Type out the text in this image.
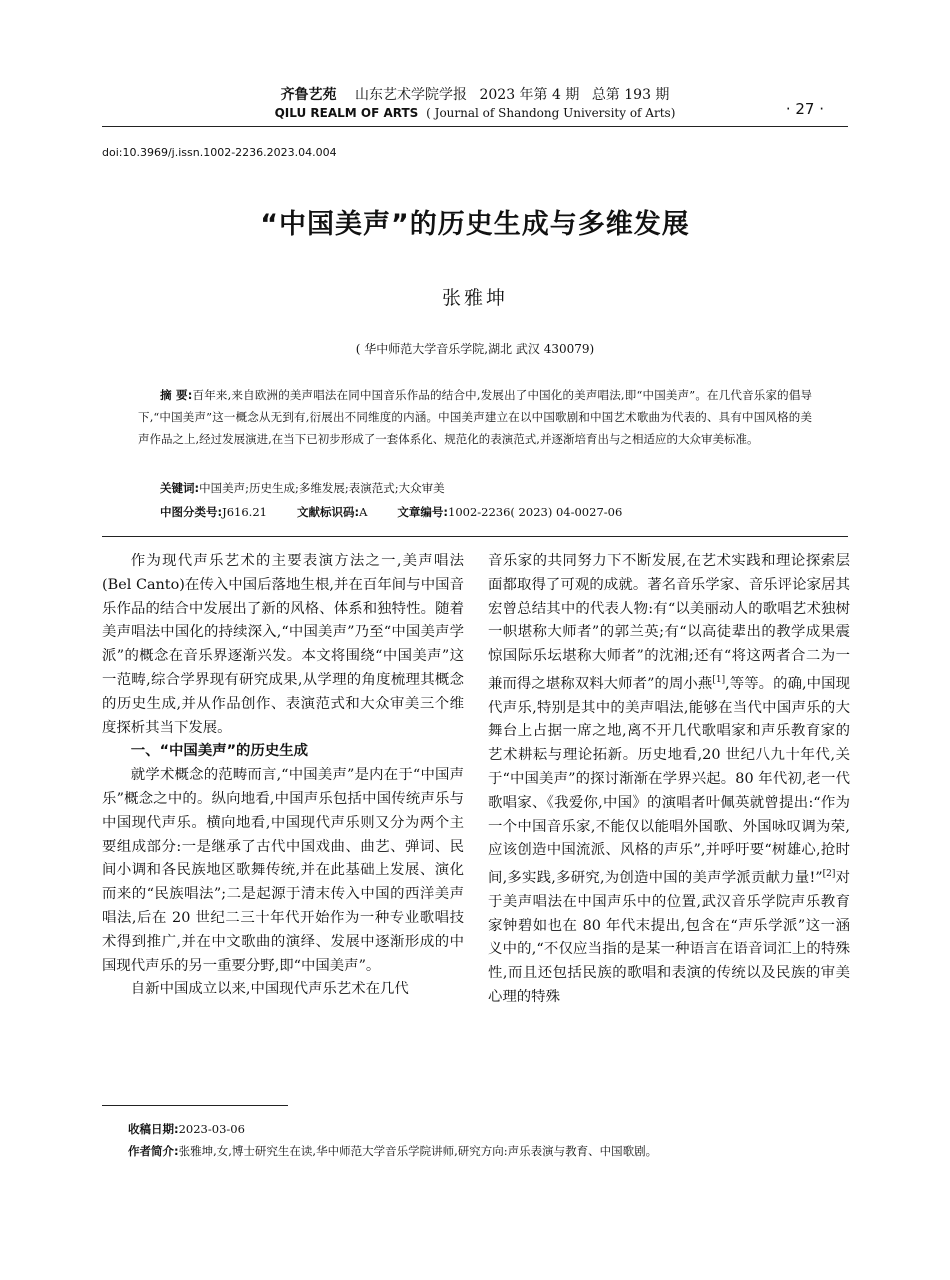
齐鲁艺苑 山东艺术学院学报 2023 年第 4 期 总第 193 期
QILU REALM OF ARTS ( Journal of Shandong University of Arts)	· 27 ·
doi:10.3969/j.issn.1002-2236.2023.04.004
“中国美声”的历史生成与多维发展
张雅坤
( 华中师范大学音乐学院,湖北 武汉 430079)
摘 要:百年来,来自欧洲的美声唱法在同中国音乐作品的结合中,发展出了中国化的美声唱法,即“中国美声”。在几代音乐家的倡导下,“中国美声”这一概念从无到有,衍展出不同维度的内涵。中国美声建立在以中国歌剧和中国艺术歌曲为代表的、具有中国风格的美声作品之上,经过发展演进,在当下已初步形成了一套体系化、规范化的表演范式,并逐渐培育出与之相适应的大众审美标准。
关键词:中国美声;历史生成;多维发展;表演范式;大众审美
中图分类号:J616.21	文献标识码:A	文章编号:1002-2236( 2023) 04-0027-06

作为现代声乐艺术的主要表演方法之一,美声唱法(Bel Canto)在传入中国后落地生根,并在百年间与中国音乐作品的结合中发展出了新的风格、体系和独特性。随着美声唱法中国化的持续深入,“中国美声”乃至“中国美声学派”的概念在音乐界逐渐兴发。本文将围绕“中国美声”这一范畴,综合学界现有研究成果,从学理的角度梳理其概念的历史生成,并从作品创作、表演范式和大众审美三个维度探析其当下发展。

一、“中国美声”的历史生成

就学术概念的范畴而言,“中国美声”是内在于“中国声乐”概念之中的。纵向地看,中国声乐包括中国传统声乐与中国现代声乐。横向地看,中国现代声乐则又分为两个主要组成部分:一是继承了古代中国戏曲、曲艺、弹词、民间小调和各民族地区歌舞传统,并在此基础上发展、演化而来的“民族唱法”;二是起源于清末传入中国的西洋美声唱法,后在 20 世纪二三十年代开始作为一种专业歌唱技术得到推广,并在中文歌曲的演绎、发展中逐渐形成的中国现代声乐的另一重要分野,即“中国美声”。

自新中国成立以来,中国现代声乐艺术在几代

音乐家的共同努力下不断发展,在艺术实践和理论探索层面都取得了可观的成就。著名音乐学家、音乐评论家居其宏曾总结其中的代表人物:有“以美丽动人的歌唱艺术独树一帜堪称大师者”的郭兰英;有“以高徒辈出的教学成果震惊国际乐坛堪称大师者”的沈湘;还有“将这两者合二为一兼而得之堪称双料大师者”的周小燕[1],等等。的确,中国现代声乐,特别是其中的美声唱法,能够在当代中国声乐的大舞台上占据一席之地,离不开几代歌唱家和声乐教育家的艺术耕耘与理论拓新。历史地看,20 世纪八九十年代,关于“中国美声”的探讨渐渐在学界兴起。80 年代初,老一代歌唱家、《我爱你,中国》的演唱者叶佩英就曾提出:“作为一个中国音乐家,不能仅以能唱外国歌、外国咏叹调为荣,应该创造中国流派、风格的声乐”,并呼吁要“树雄心,抢时间,多实践,多研究,为创造中国的美声学派贡献力量!”[2]对于美声唱法在中国声乐中的位置,武汉音乐学院声乐教育家钟碧如也在 80 年代末提出,包含在“声乐学派”这一涵义中的,“不仅应当指的是某一种语言在语音词汇上的特殊性,而且还包括民族的歌唱和表演的传统以及民族的审美心理的特殊

收稿日期:2023-03-06
作者简介:张雅坤,女,博士研究生在读,华中师范大学音乐学院讲师,研究方向:声乐表演与教育、中国歌剧。
